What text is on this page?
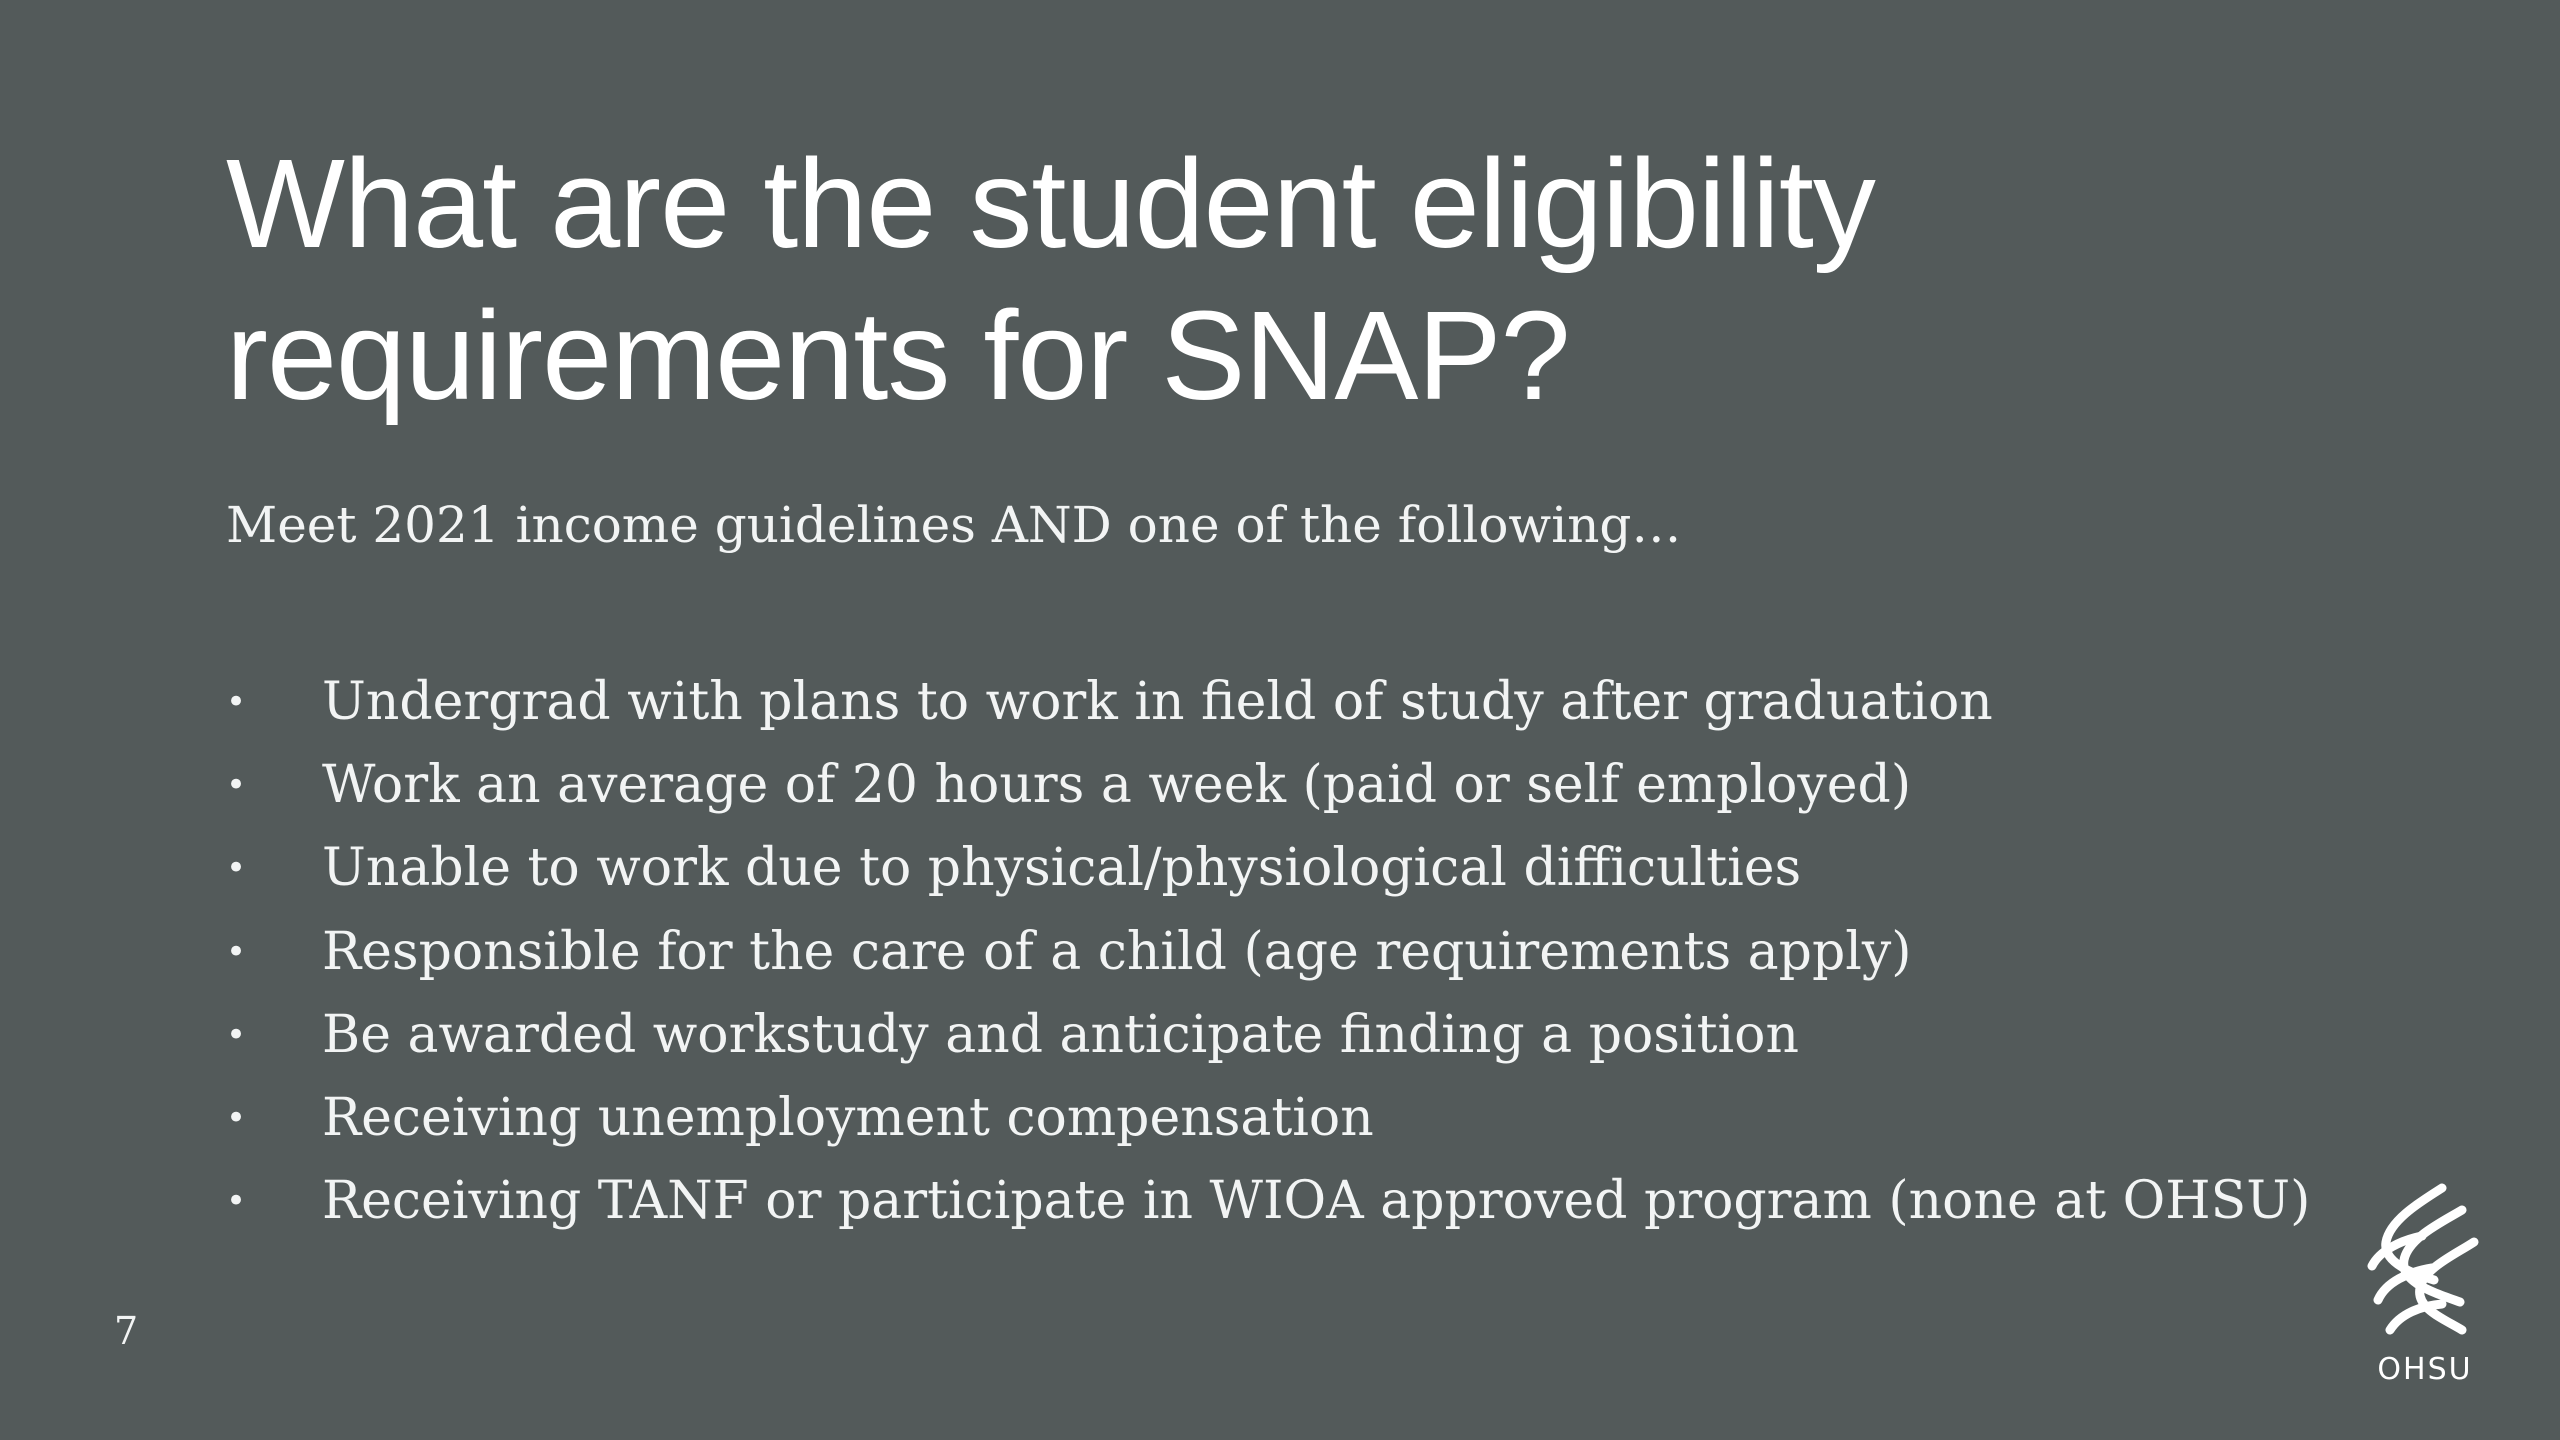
What are the student eligibility
requirements for SNAP?

Meet 2021 income guidelines AND one of the following…

•	Undergrad with plans to work in field of study after graduation
•	Work an average of 20 hours a week (paid or self employed)
•	Unable to work due to physical/physiological difficulties
•	Responsible for the care of a child (age requirements apply)
•	Be awarded workstudy and anticipate finding a position
•	Receiving unemployment compensation
•	Receiving TANF or participate in WIOA approved program (none at OHSU)
7
OHSU
